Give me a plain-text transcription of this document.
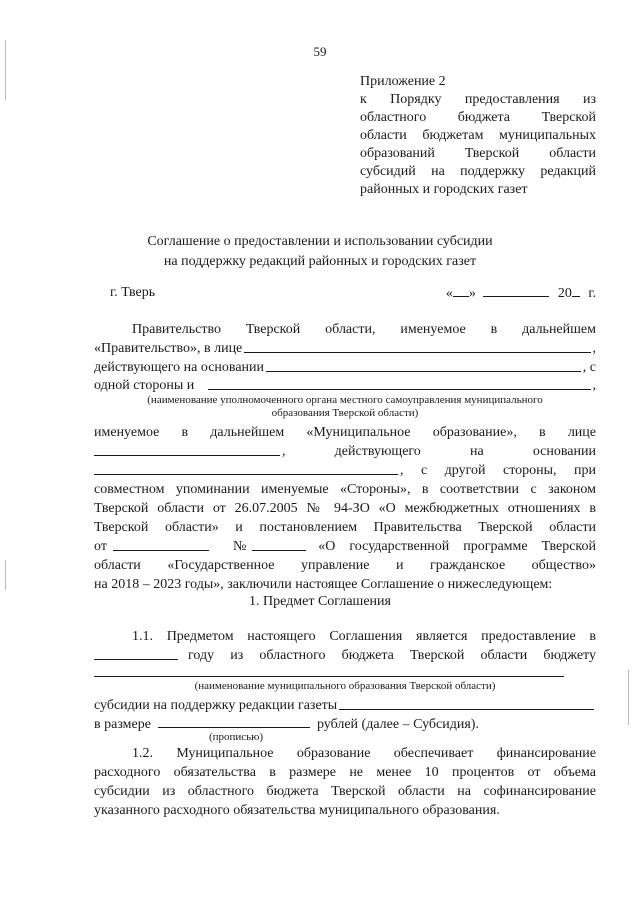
59
Приложение 2
к Порядку предоставления из
областного бюджета Тверской
области бюджетам муниципальных
образований Тверской области
субсидий на поддержку редакций
районных и городских газет
Соглашение о предоставлении и использовании субсидии
на поддержку редакций районных и городских газет
г. Тверь	« »	20 г.
Правительство Тверской области, именуемое в дальнейшем
«Правительство», в лице	,
действующего на основании	, с
одной стороны и	,
(наименование уполномоченного органа местного самоуправления муниципального
образования Тверской области)
именуемое в дальнейшем «Муниципальное образование», в лице
, действующего на основании
, с другой стороны, при
совместном упоминании именуемые «Стороны», в соответствии с законом
Тверской области от 26.07.2005 № 94-ЗО «О межбюджетных отношениях в
Тверской области» и постановлением Правительства Тверской области
от	№	«О государственной программе Тверской
области «Государственное управление и гражданское общество»
на 2018 – 2023 годы», заключили настоящее Соглашение о нижеследующем:
1. Предмет Соглашения
1.1. Предметом настоящего Соглашения является предоставление в
году из областного бюджета Тверской области бюджету
(наименование муниципального образования Тверской области)
субсидии на поддержку редакции газеты
в размере	рублей (далее – Субсидия).
(прописью)
1.2. Муниципальное образование обеспечивает финансирование
расходного обязательства в размере не менее 10 процентов от объема
субсидии из областного бюджета Тверской области на софинансирование
указанного расходного обязательства муниципального образования.
